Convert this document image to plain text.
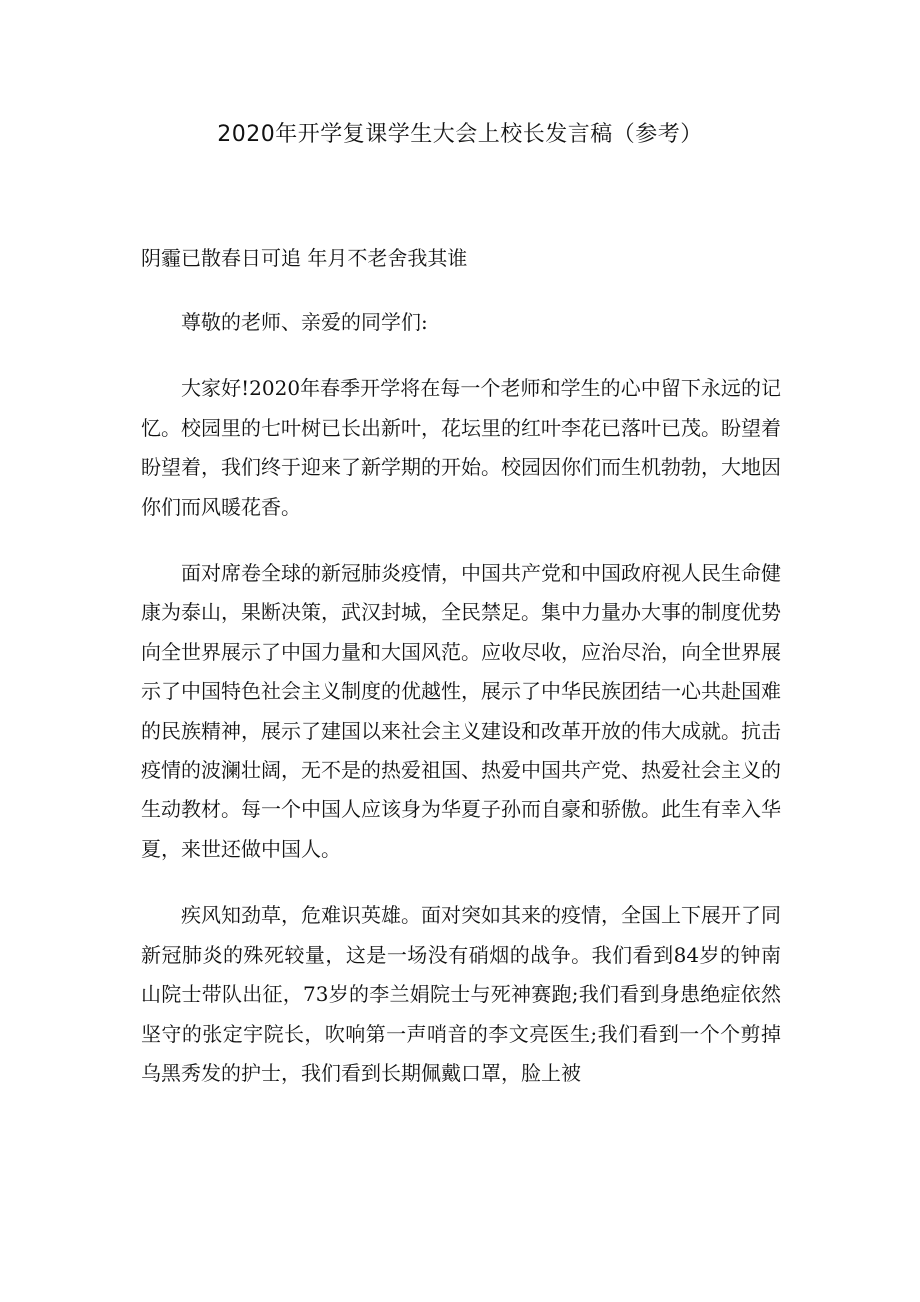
2020年开学复课学生大会上校长发言稿（参考）

阴霾已散春日可追 年月不老舍我其谁

尊敬的老师、亲爱的同学们:

大家好!2020年春季开学将在每一个老师和学生的心中留下永远的记忆。校园里的七叶树已长出新叶，花坛里的红叶李花已落叶已茂。盼望着盼望着，我们终于迎来了新学期的开始。校园因你们而生机勃勃，大地因你们而风暖花香。

面对席卷全球的新冠肺炎疫情，中国共产党和中国政府视人民生命健康为泰山，果断决策，武汉封城，全民禁足。集中力量办大事的制度优势向全世界展示了中国力量和大国风范。应收尽收，应治尽治，向全世界展示了中国特色社会主义制度的优越性，展示了中华民族团结一心共赴国难的民族精神，展示了建国以来社会主义建设和改革开放的伟大成就。抗击疫情的波澜壮阔，无不是的热爱祖国、热爱中国共产党、热爱社会主义的生动教材。每一个中国人应该身为华夏子孙而自豪和骄傲。此生有幸入华夏，来世还做中国人。

疾风知劲草，危难识英雄。面对突如其来的疫情，全国上下展开了同新冠肺炎的殊死较量，这是一场没有硝烟的战争。我们看到84岁的钟南山院士带队出征，73岁的李兰娟院士与死神赛跑;我们看到身患绝症依然坚守的张定宇院长，吹响第一声哨音的李文亮医生;我们看到一个个剪掉乌黑秀发的护士，我们看到长期佩戴口罩，脸上被
